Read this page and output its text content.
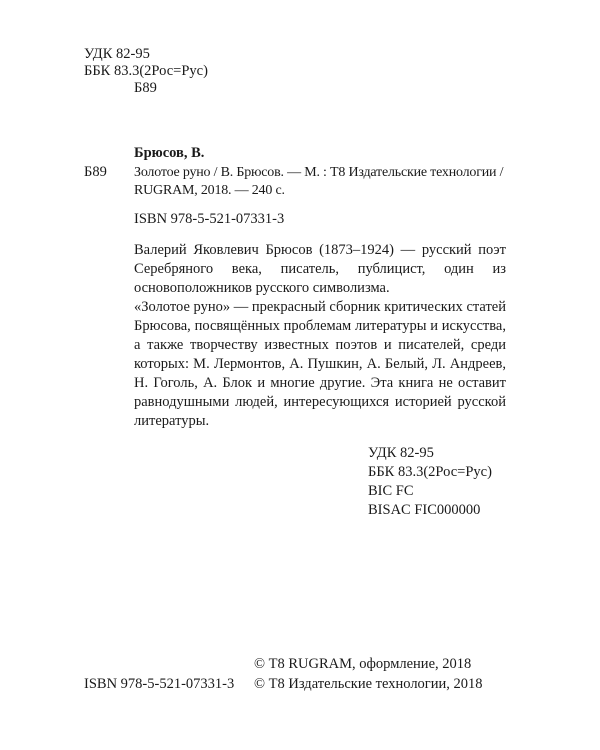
УДК 82-95
ББК 83.3(2Рос=Рус)
Б89
Брюсов, В.
Б89 Золотое руно / В. Брюсов. — М. : Т8 Издательские технологии /
RUGRAM, 2018. — 240 с.
ISBN 978-5-521-07331-3

Валерий Яковлевич Брюсов (1873–1924) — русский поэт Серебряного века, писатель, публицист, один из основоположников русского символизма.

«Золотое руно» — прекрасный сборник критических статей Брюсова, посвящённых проблемам литературы и искусства, а также творчеству известных поэтов и писателей, среди которых: М. Лермонтов, А. Пушкин, А. Белый, Л. Андреев, Н. Гоголь, А. Блок и многие другие. Эта книга не оставит равнодушными людей, интересующихся историей русской литературы.

УДК 82-95
ББК 83.3(2Рос=Рус)
BIC FC
BISAC FIC000000
© Т8 RUGRAM, оформление, 2018
ISBN 978-5-521-07331-3 © Т8 Издательские технологии, 2018
